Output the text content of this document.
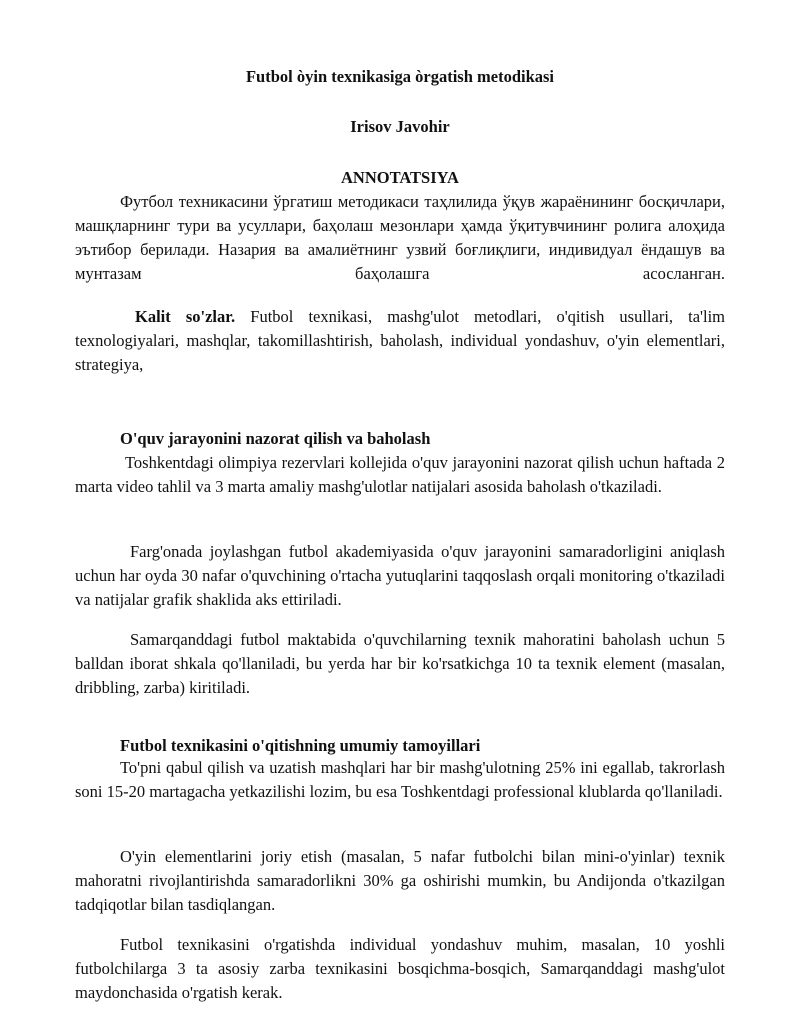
Futbol òyin texnikasiga òrgatish metodikasi

Irisov Javohir

ANNOTATSIYA

Футбол техникасини ўргатиш методикаси таҳлилида ўқув жараёнининг босқичлари, машқларнинг тури ва усуллари, баҳолаш мезонлари ҳамда ўқитувчининг ролига алоҳида эътибор берилади. Назария ва амалиётнинг узвий боғлиқлиги, индивидуал ёндашув ва мунтазам баҳолашга асосланган.

Kalit so'zlar. Futbol texnikasi, mashg'ulot metodlari, o'qitish usullari, ta'lim texnologiyalari, mashqlar, takomillashtirish, baholash, individual yondashuv, o'yin elementlari, strategiya,

O'quv jarayonini nazorat qilish va baholash

Toshkentdagi olimpiya rezervlari kollejida o'quv jarayonini nazorat qilish uchun haftada 2 marta video tahlil va 3 marta amaliy mashg'ulotlar natijalari asosida baholash o'tkaziladi.

Farg'onada joylashgan futbol akademiyasida o'quv jarayonini samaradorligini aniqlash uchun har oyda 30 nafar o'quvchining o'rtacha yutuqlarini taqqoslash orqali monitoring o'tkaziladi va natijalar grafik shaklida aks ettiriladi.

Samarqanddagi futbol maktabida o'quvchilarning texnik mahoratini baholash uchun 5 balldan iborat shkala qo'llaniladi, bu yerda har bir ko'rsatkichga 10 ta texnik element (masalan, dribbling, zarba) kiritiladi.

Futbol texnikasini o'qitishning umumiy tamoyillari

To'pni qabul qilish va uzatish mashqlari har bir mashg'ulotning 25% ini egallab, takrorlash soni 15-20 martagacha yetkazilishi lozim, bu esa Toshkentdagi professional klublarda qo'llaniladi.

O'yin elementlarini joriy etish (masalan, 5 nafar futbolchi bilan mini-o'yinlar) texnik mahoratni rivojlantirishda samaradorlikni 30% ga oshirishi mumkin, bu Andijonda o'tkazilgan tadqiqotlar bilan tasdiqlangan.

Futbol texnikasini o'rgatishda individual yondashuv muhim, masalan, 10 yoshli futbolchilarga 3 ta asosiy zarba texnikasini bosqichma-bosqich, Samarqanddagi mashg'ulot maydonchasida o'rgatish kerak.
